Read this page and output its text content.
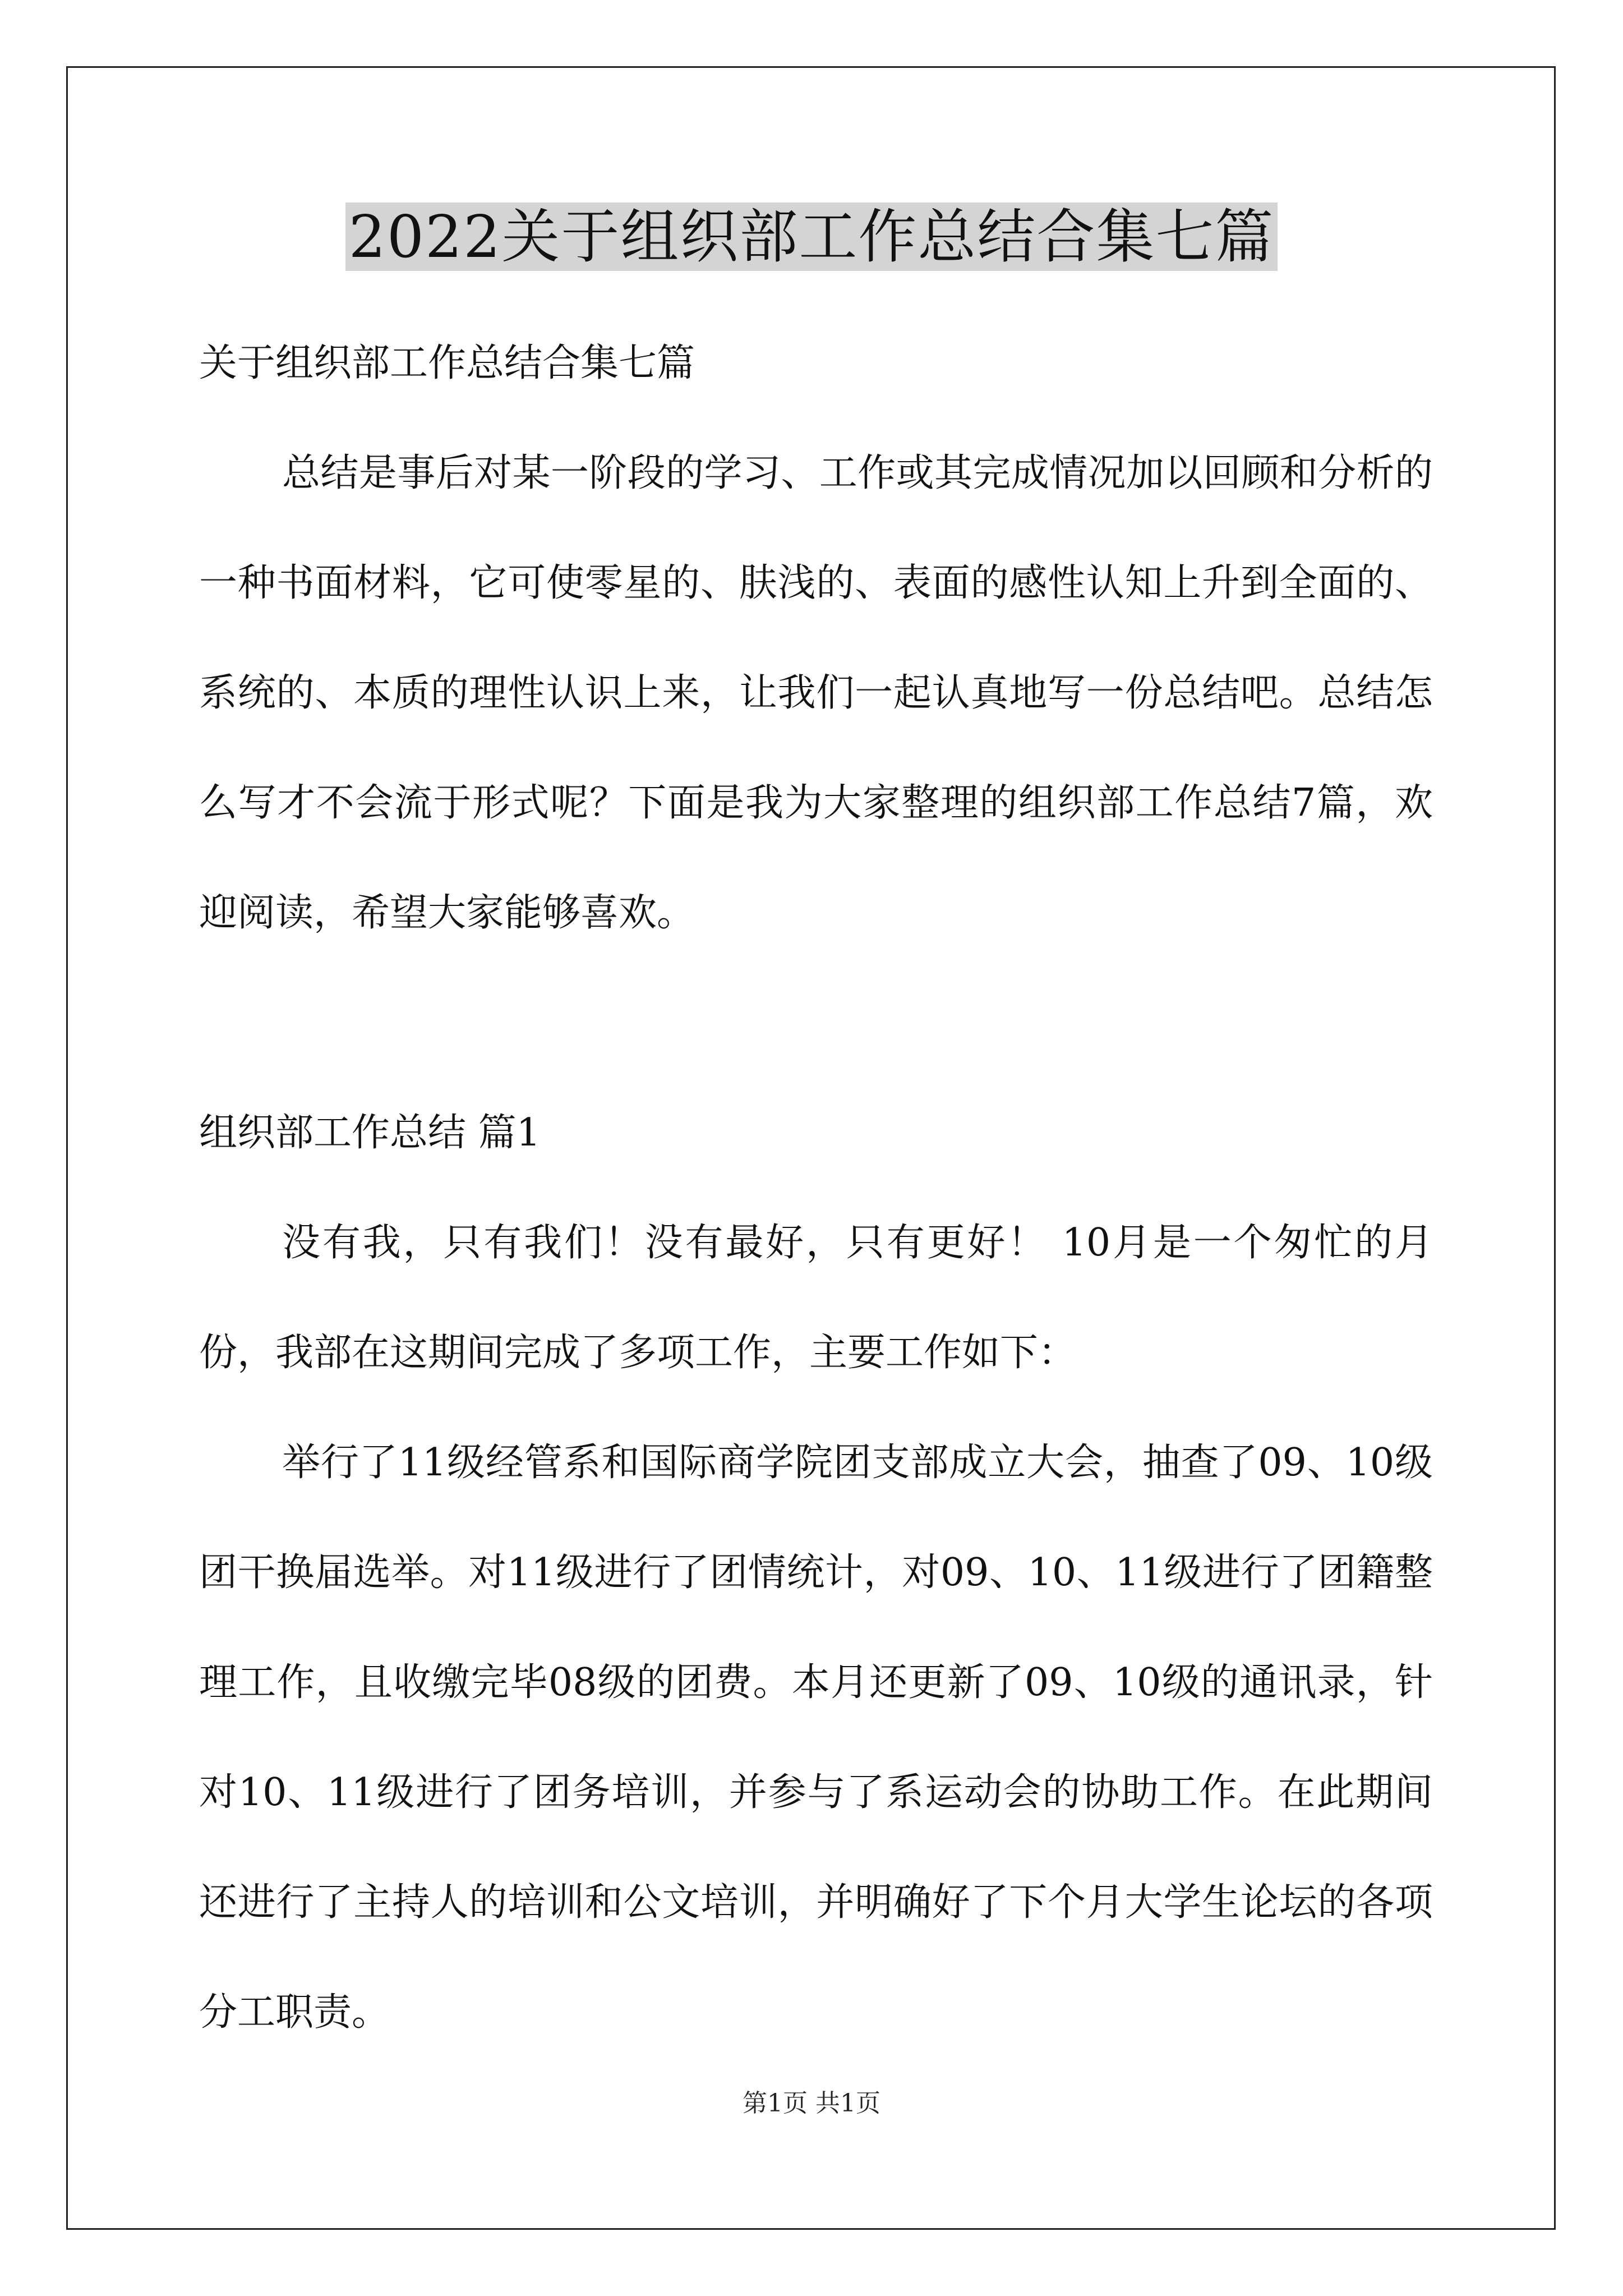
2022关于组织部工作总结合集七篇

关于组织部工作总结合集七篇

总结是事后对某一阶段的学习、工作或其完成情况加以回顾和分析的一种书面材料，它可使零星的、肤浅的、表面的感性认知上升到全面的、系统的、本质的理性认识上来，让我们一起认真地写一份总结吧。总结怎么写才不会流于形式呢？下面是我为大家整理的组织部工作总结7篇，欢迎阅读，希望大家能够喜欢。

组织部工作总结 篇1

没有我，只有我们！没有最好，只有更好！ 10月是一个匆忙的月份，我部在这期间完成了多项工作，主要工作如下：

举行了11级经管系和国际商学院团支部成立大会，抽查了09、10级团干换届选举。对11级进行了团情统计，对09、10、11级进行了团籍整理工作，且收缴完毕08级的团费。本月还更新了09、10级的通讯录，针对10、11级进行了团务培训，并参与了系运动会的协助工作。在此期间还进行了主持人的培训和公文培训，并明确好了下个月大学生论坛的各项分工职责。

第1页 共1页
